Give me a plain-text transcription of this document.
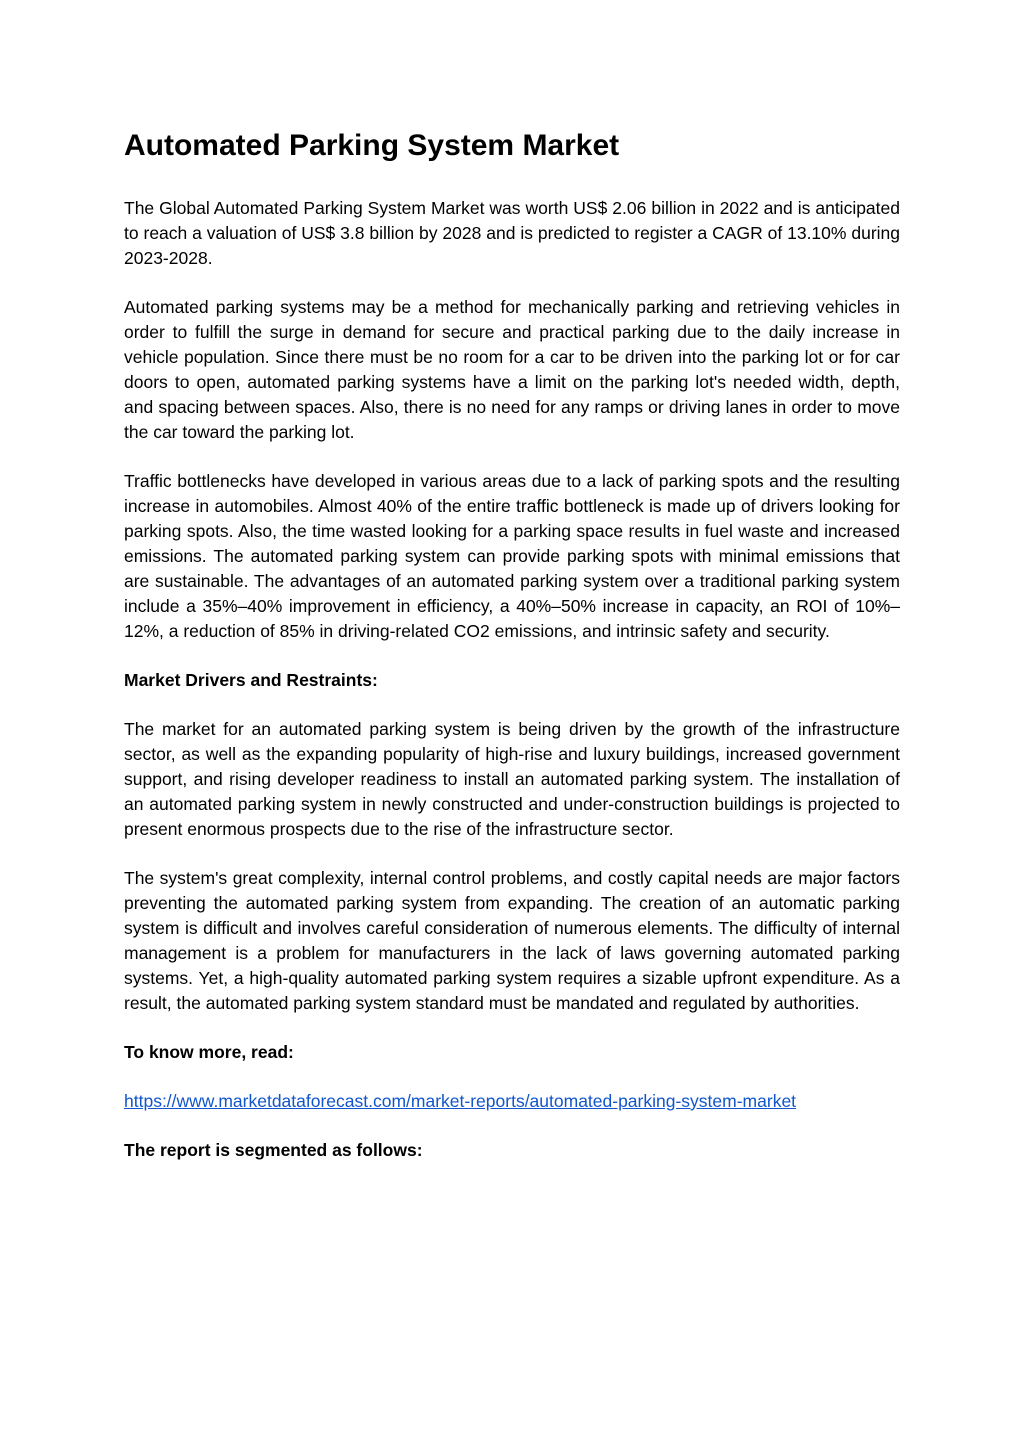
Automated Parking System Market

The Global Automated Parking System Market was worth US$ 2.06 billion in 2022 and is anticipated to reach a valuation of US$ 3.8 billion by 2028 and is predicted to register a CAGR of 13.10% during 2023-2028.

Automated parking systems may be a method for mechanically parking and retrieving vehicles in order to fulfill the surge in demand for secure and practical parking due to the daily increase in vehicle population. Since there must be no room for a car to be driven into the parking lot or for car doors to open, automated parking systems have a limit on the parking lot's needed width, depth, and spacing between spaces. Also, there is no need for any ramps or driving lanes in order to move the car toward the parking lot.

Traffic bottlenecks have developed in various areas due to a lack of parking spots and the resulting increase in automobiles. Almost 40% of the entire traffic bottleneck is made up of drivers looking for parking spots. Also, the time wasted looking for a parking space results in fuel waste and increased emissions. The automated parking system can provide parking spots with minimal emissions that are sustainable. The advantages of an automated parking system over a traditional parking system include a 35%–40% improvement in efficiency, a 40%–50% increase in capacity, an ROI of 10%–12%, a reduction of 85% in driving-related CO2 emissions, and intrinsic safety and security.

Market Drivers and Restraints:

The market for an automated parking system is being driven by the growth of the infrastructure sector, as well as the expanding popularity of high-rise and luxury buildings, increased government support, and rising developer readiness to install an automated parking system. The installation of an automated parking system in newly constructed and under-construction buildings is projected to present enormous prospects due to the rise of the infrastructure sector.

The system's great complexity, internal control problems, and costly capital needs are major factors preventing the automated parking system from expanding. The creation of an automatic parking system is difficult and involves careful consideration of numerous elements. The difficulty of internal management is a problem for manufacturers in the lack of laws governing automated parking systems. Yet, a high-quality automated parking system requires a sizable upfront expenditure. As a result, the automated parking system standard must be mandated and regulated by authorities.

To know more, read:

https://www.marketdataforecast.com/market-reports/automated-parking-system-market

The report is segmented as follows:
